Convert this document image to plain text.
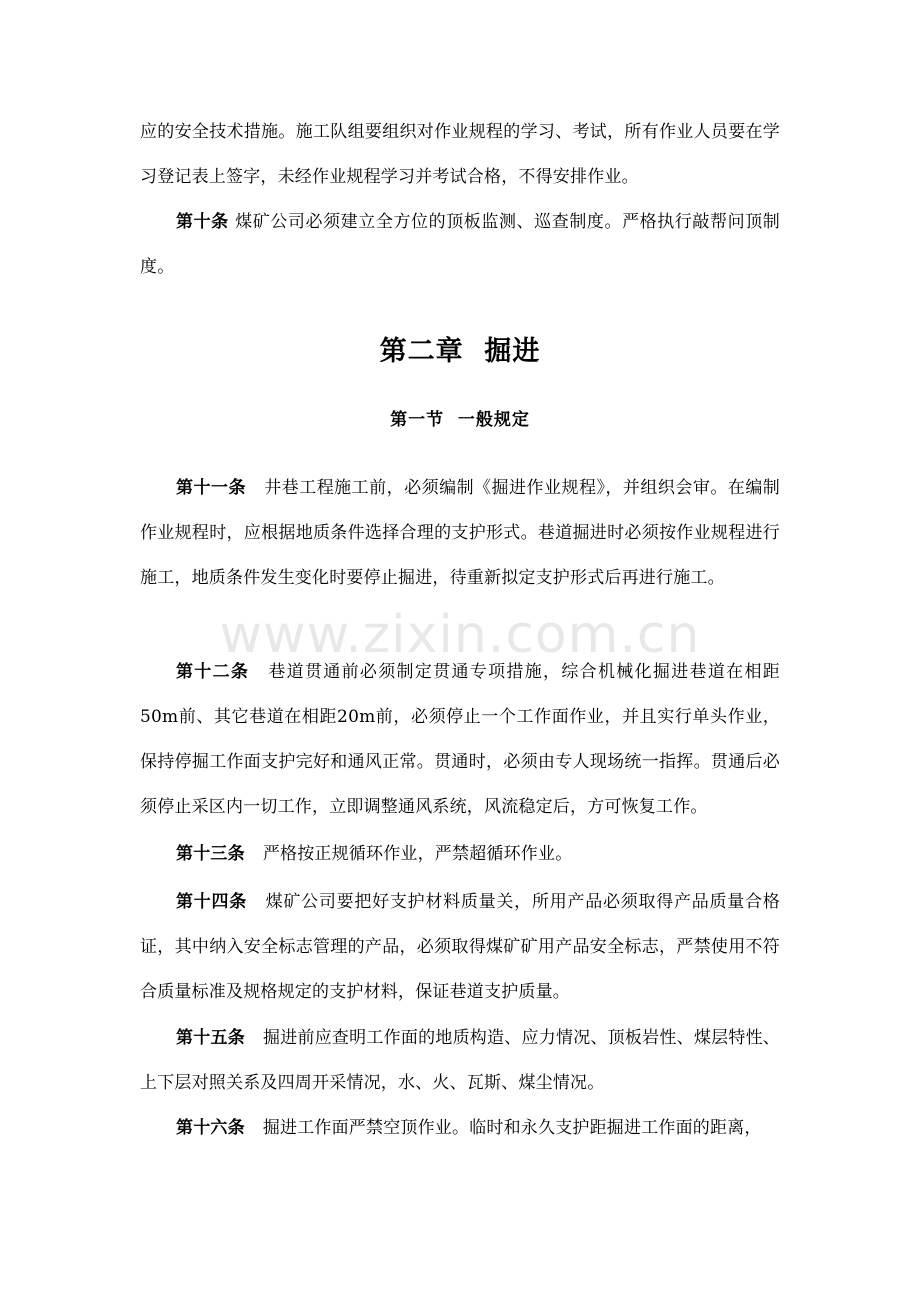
应的安全技术措施。施工队组要组织对作业规程的学习、考试，所有作业人员要在学习登记表上签字，未经作业规程学习并考试合格，不得安排作业。

第十条 煤矿公司必须建立全方位的顶板监测、巡查制度。严格执行敲帮问顶制度。

第二章  掘进
第一节  一般规定

第十一条 井巷工程施工前，必须编制《掘进作业规程》，并组织会审。在编制作业规程时，应根据地质条件选择合理的支护形式。巷道掘进时必须按作业规程进行施工，地质条件发生变化时要停止掘进，待重新拟定支护形式后再进行施工。

第十二条 巷道贯通前必须制定贯通专项措施，综合机械化掘进巷道在相距50m前、其它巷道在相距20m前，必须停止一个工作面作业，并且实行单头作业，保持停掘工作面支护完好和通风正常。贯通时，必须由专人现场统一指挥。贯通后必须停止采区内一切工作，立即调整通风系统，风流稳定后，方可恢复工作。

第十三条 严格按正规循环作业，严禁超循环作业。

第十四条 煤矿公司要把好支护材料质量关，所用产品必须取得产品质量合格证，其中纳入安全标志管理的产品，必须取得煤矿矿用产品安全标志，严禁使用不符合质量标准及规格规定的支护材料，保证巷道支护质量。

第十五条 掘进前应查明工作面的地质构造、应力情况、顶板岩性、煤层特性、上下层对照关系及四周开采情况，水、火、瓦斯、煤尘情况。

第十六条 掘进工作面严禁空顶作业。临时和永久支护距掘进工作面的距离，

www.zixin.com.cn
